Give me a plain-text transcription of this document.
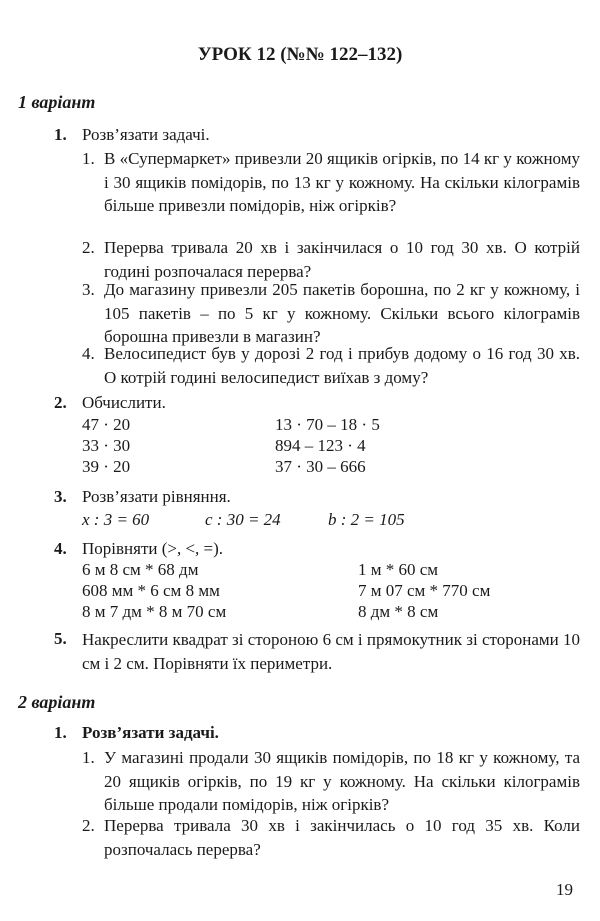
УРОК 12 (№№ 122–132)
1 варіант
1. Розв’язати задачі.
1. В «Супермаркет» привезли 20 ящиків огірків, по 14 кг у кожному і 30 ящиків помідорів, по 13 кг у кожному. На скільки кілограмів більше привезли помідорів, ніж огірків?
2. Перерва тривала 20 хв і закінчилася о 10 год 30 хв. О котрій годині розпочалася перерва?
3. До магазину привезли 205 пакетів борошна, по 2 кг у кожному, і 105 пакетів – по 5 кг у кожному. Скільки всього кілограмів борошна привезли в магазин?
4. Велосипедист був у дорозі 2 год і прибув додому о 16 год 30 хв. О котрій годині велосипедист виїхав з дому?
2. Обчислити.
47 · 20
33 · 30
39 · 20
13 · 70 – 18 · 5
894 – 123 · 4
37 · 30 – 666
3. Розв’язати рівняння.
x : 3 = 60	c : 30 = 24	b : 2 = 105
4. Порівняти (>, <, =).
6 м 8 см * 68 дм
608 мм * 6 см 8 мм
8 м 7 дм * 8 м 70 см
1 м * 60 см
7 м 07 см * 770 см
8 дм * 8 см
5. Накреслити квадрат зі стороною 6 см і прямокутник зі сторонами 10 см і 2 см. Порівняти їх периметри.
2 варіант
1. Розв’язати задачі.
1. У магазині продали 30 ящиків помідорів, по 18 кг у кожному, та 20 ящиків огірків, по 19 кг у кожному. На скільки кілограмів більше продали помідорів, ніж огірків?
2. Перерва тривала 30 хв і закінчилась о 10 год 35 хв. Коли розпочалась перерва?
19
